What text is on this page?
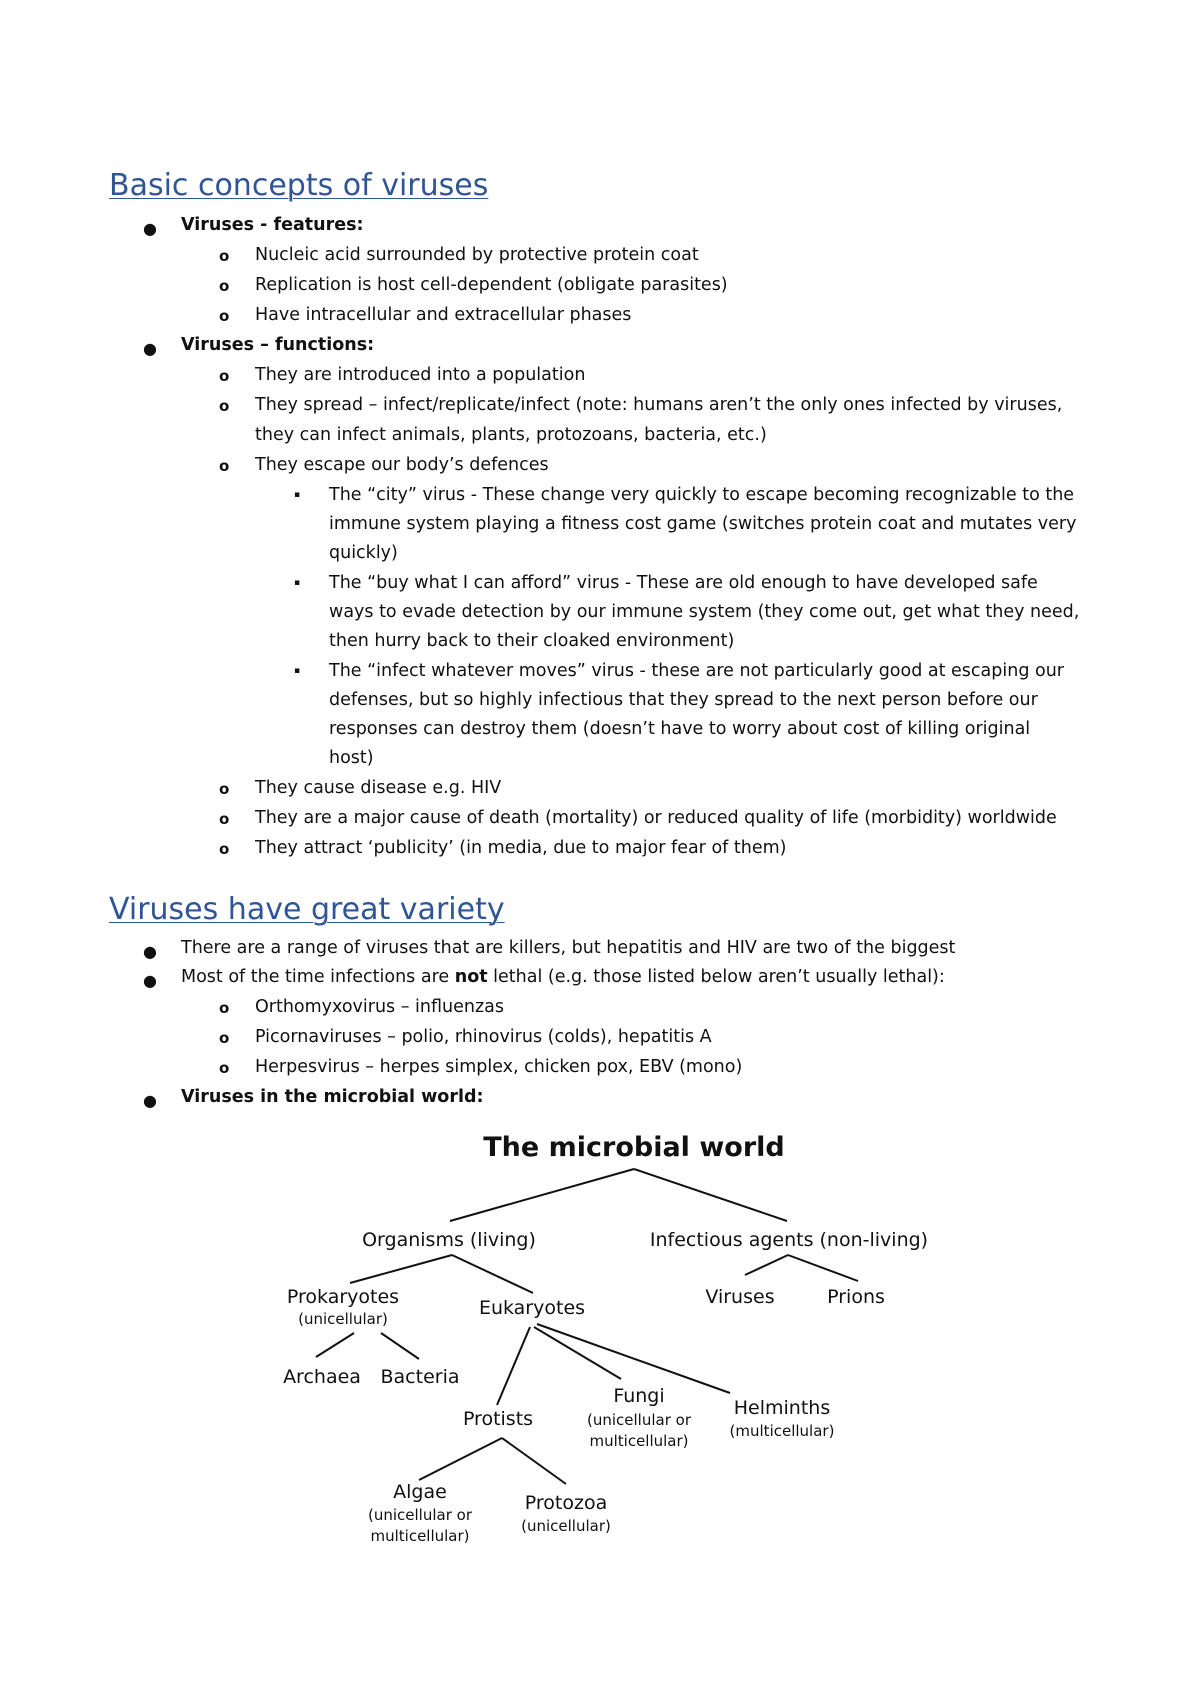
Basic concepts of viruses
● Viruses - features:
o Nucleic acid surrounded by protective protein coat
o Replication is host cell-dependent (obligate parasites)
o Have intracellular and extracellular phases
● Viruses – functions:
o They are introduced into a population
o They spread – infect/replicate/infect (note: humans aren’t the only ones infected by viruses,
they can infect animals, plants, protozoans, bacteria, etc.)
o They escape our body’s defences
▪ The “city” virus - These change very quickly to escape becoming recognizable to the
immune system playing a fitness cost game (switches protein coat and mutates very
quickly)
▪ The “buy what I can afford” virus - These are old enough to have developed safe
ways to evade detection by our immune system (they come out, get what they need,
then hurry back to their cloaked environment)
▪ The “infect whatever moves” virus - these are not particularly good at escaping our
defenses, but so highly infectious that they spread to the next person before our
responses can destroy them (doesn’t have to worry about cost of killing original
host)
o They cause disease e.g. HIV
o They are a major cause of death (mortality) or reduced quality of life (morbidity) worldwide
o They attract ‘publicity’ (in media, due to major fear of them)
Viruses have great variety
● There are a range of viruses that are killers, but hepatitis and HIV are two of the biggest
● Most of the time infections are not lethal (e.g. those listed below aren’t usually lethal):
o Orthomyxovirus – influenzas
o Picornaviruses – polio, rhinovirus (colds), hepatitis A
o Herpesvirus – herpes simplex, chicken pox, EBV (mono)
● Viruses in the microbial world:
The microbial world
Organisms (living)	Infectious agents (non-living)
Prokaryotes
(unicellular)	Eukaryotes	Viruses	Prions
Archaea Bacteria
Fungi
(unicellular or
multicellular)
Helminths
(multicellular)
Protists
Algae
(unicellular or
multicellular)
Protozoa
(unicellular)
